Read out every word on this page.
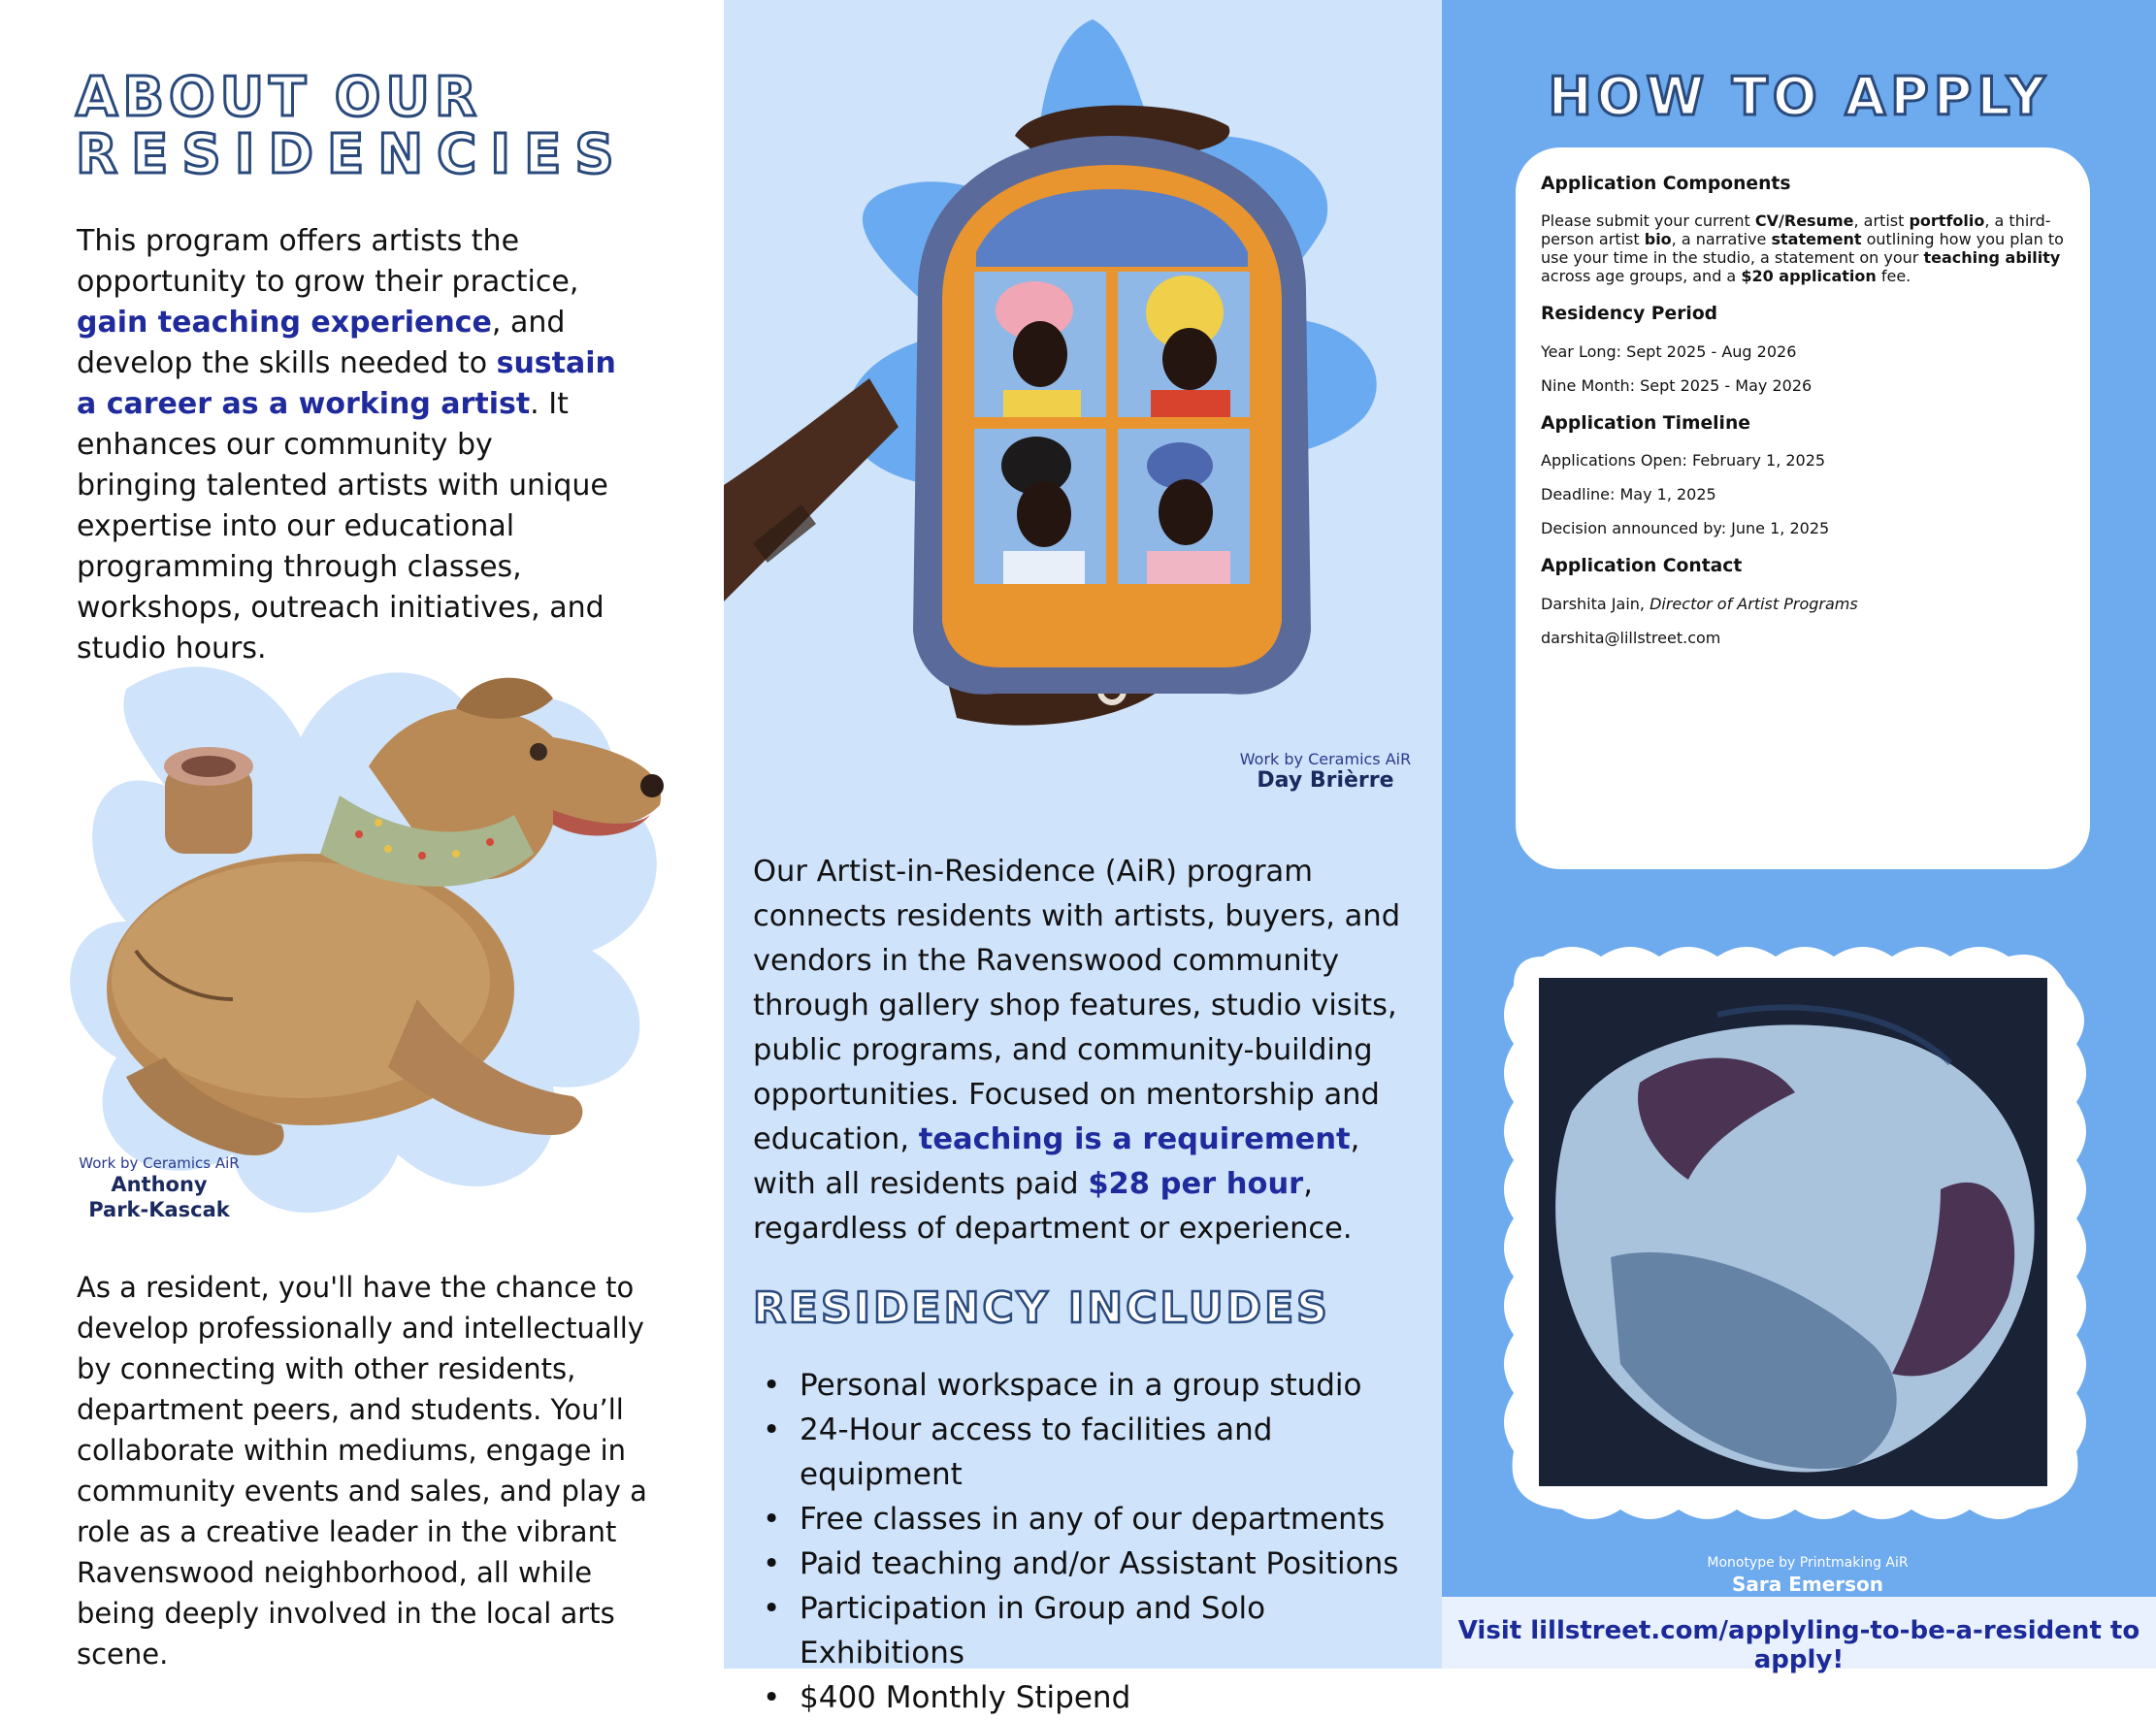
ABOUT OUR
RESIDENCIES

This program offers artists the opportunity to grow their practice, gain teaching experience, and develop the skills needed to sustain a career as a working artist. It enhances our community by bringing talented artists with unique expertise into our educational programming through classes, workshops, outreach initiatives, and studio hours.

Work by Ceramics AiR
Anthony
Park-Kascak

As a resident, you'll have the chance to develop professionally and intellectually by connecting with other residents, department peers, and students. You’ll collaborate within mediums, engage in community events and sales, and play a role as a creative leader in the vibrant Ravenswood neighborhood, all while being deeply involved in the local arts scene.

Work by Ceramics AiR
Day Brièrre

Our Artist-in-Residence (AiR) program connects residents with artists, buyers, and vendors in the Ravenswood community through gallery shop features, studio visits, public programs, and community-building opportunities. Focused on mentorship and education, teaching is a requirement, with all residents paid $28 per hour, regardless of department or experience.

RESIDENCY INCLUDES
• Personal workspace in a group studio
• 24-Hour access to facilities and equipment
• Free classes in any of our departments
• Paid teaching and/or Assistant Positions
• Participation in Group and Solo Exhibitions
• $400 Monthly Stipend
HOW TO APPLY
Application Components

Please submit your current CV/Resume, artist portfolio, a third-person artist bio, a narrative statement outlining how you plan to use your time in the studio, a statement on your teaching ability across age groups, and a $20 application fee.

Residency Period

Year Long: Sept 2025 - Aug 2026

Nine Month: Sept 2025 - May 2026

Application Timeline

Applications Open: February 1, 2025

Deadline: May 1, 2025

Decision announced by: June 1, 2025

Application Contact

Darshita Jain, Director of Artist Programs

darshita@lillstreet.com

Monotype by Printmaking AiR
Sara Emerson
Visit lillstreet.com/applyling-to-be-a-resident to apply!
